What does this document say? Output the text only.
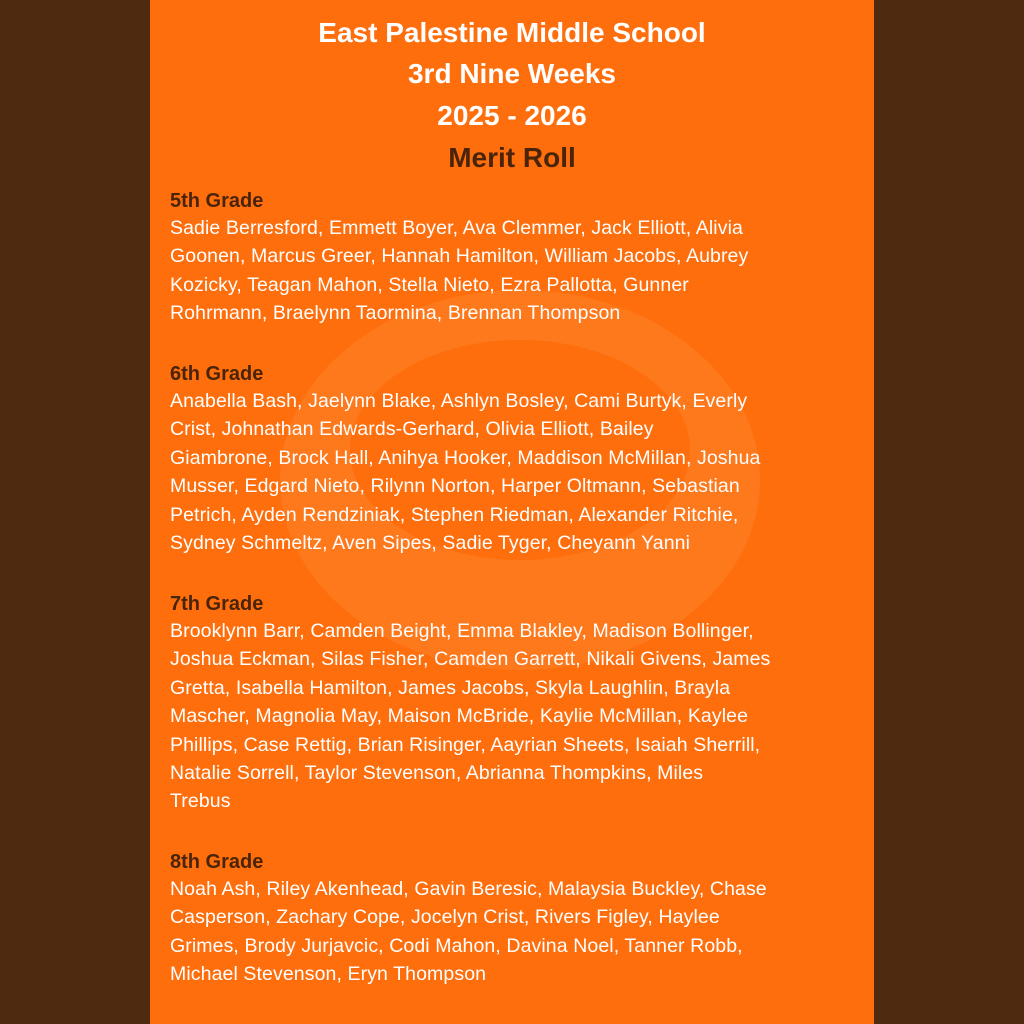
East Palestine Middle School
3rd Nine Weeks
2025 - 2026
Merit Roll
5th Grade
Sadie Berresford, Emmett Boyer, Ava Clemmer, Jack Elliott, Alivia
Goonen, Marcus Greer, Hannah Hamilton, William Jacobs, Aubrey
Kozicky, Teagan Mahon, Stella Nieto, Ezra Pallotta, Gunner
Rohrmann, Braelynn Taormina, Brennan Thompson
6th Grade
Anabella Bash, Jaelynn Blake, Ashlyn Bosley, Cami Burtyk, Everly
Crist, Johnathan Edwards-Gerhard, Olivia Elliott, Bailey
Giambrone, Brock Hall, Anihya Hooker, Maddison McMillan, Joshua
Musser, Edgard Nieto, Rilynn Norton, Harper Oltmann, Sebastian
Petrich, Ayden Rendziniak, Stephen Riedman, Alexander Ritchie,
Sydney Schmeltz, Aven Sipes, Sadie Tyger, Cheyann Yanni
7th Grade
Brooklynn Barr, Camden Beight, Emma Blakley, Madison Bollinger,
Joshua Eckman, Silas Fisher, Camden Garrett, Nikali Givens, James
Gretta, Isabella Hamilton, James Jacobs, Skyla Laughlin, Brayla
Mascher, Magnolia May, Maison McBride, Kaylie McMillan, Kaylee
Phillips, Case Rettig, Brian Risinger, Aayrian Sheets, Isaiah Sherrill,
Natalie Sorrell, Taylor Stevenson, Abrianna Thompkins, Miles
Trebus
8th Grade
Noah Ash, Riley Akenhead, Gavin Beresic, Malaysia Buckley, Chase
Casperson, Zachary Cope, Jocelyn Crist, Rivers Figley, Haylee
Grimes, Brody Jurjavcic, Codi Mahon, Davina Noel, Tanner Robb,
Michael Stevenson, Eryn Thompson
